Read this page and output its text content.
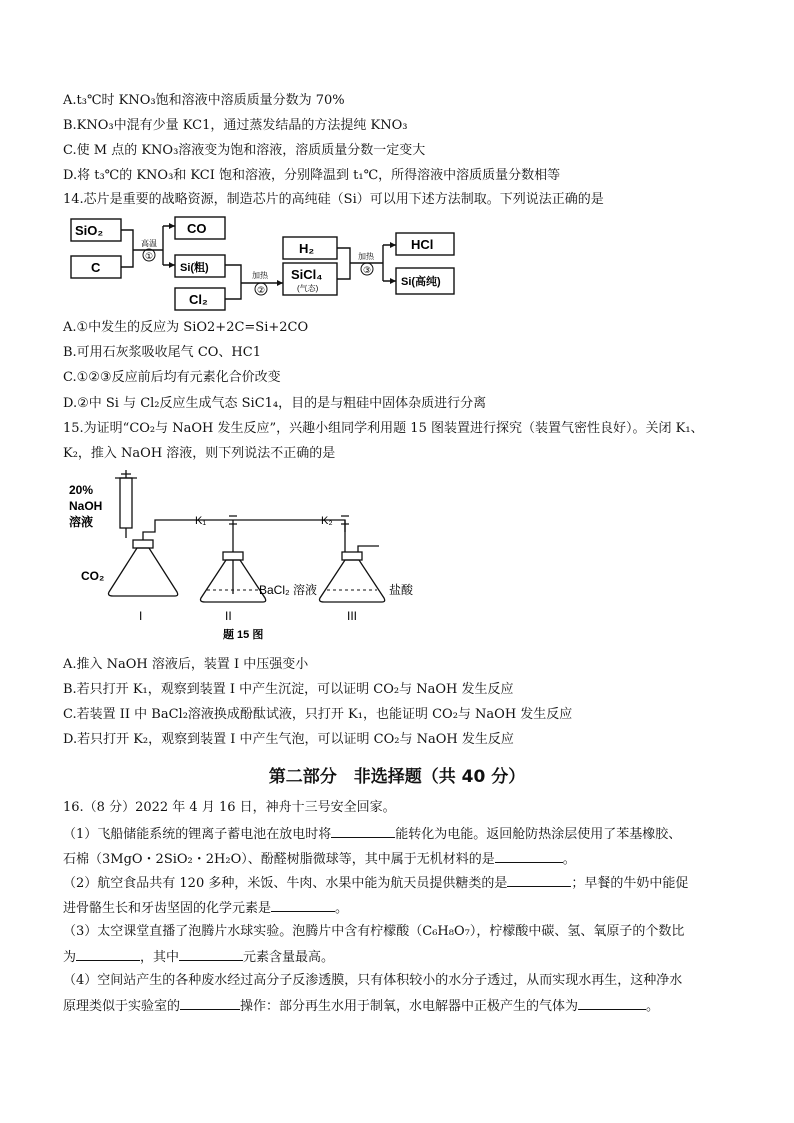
A.t₃℃时 KNO₃饱和溶液中溶质质量分数为 70%
B.KNO₃中混有少量 KC1，通过蒸发结晶的方法提纯 KNO₃
C.使 M 点的 KNO₃溶液变为饱和溶液，溶质质量分数一定变大
D.将 t₃℃的 KNO₃和 KCI 饱和溶液，分别降温到 t₁℃，所得溶液中溶质质量分数相等
14.芯片是重要的战略资源，制造芯片的高纯硅（Si）可以用下述方法制取。下列说法正确的是
SiO₂
C
CO
Si(粗)
Cl₂
H₂
SiCl₄
(气态)
HCl
Si(高纯)
高温
①
加热
②
加热
③
A.①中发生的反应为 SiO2+2C=Si+2CO
B.可用石灰浆吸收尾气 CO、HC1
C.①②③反应前后均有元素化合价改变
D.②中 Si 与 Cl₂反应生成气态 SiC1₄，目的是与粗硅中固体杂质进行分离
15.为证明“CO₂与 NaOH 发生反应”，兴趣小组同学利用题 15 图装置进行探究（装置气密性良好）。关闭 K₁、
K₂，推入 NaOH 溶液，则下列说法不正确的是
20%
NaOH
溶液
CO₂
K₁	K₂
BaCl₂ 溶液	盐酸
I	II	III
题 15 图
A.推入 NaOH 溶液后，装置 I 中压强变小
B.若只打开 K₁，观察到装置 I 中产生沉淀，可以证明 CO₂与 NaOH 发生反应
C.若装置 II 中 BaCl₂溶液换成酚酞试液，只打开 K₁，也能证明 CO₂与 NaOH 发生反应
D.若只打开 K₂，观察到装置 I 中产生气泡，可以证明 CO₂与 NaOH 发生反应
第二部分　非选择题（共 40 分）
16.（8 分）2022 年 4 月 16 日，神舟十三号安全回家。
（1）飞船储能系统的锂离子蓄电池在放电时将	能转化为电能。返回舱防热涂层使用了苯基橡胶、
石棉（3MgO・2SiO₂・2H₂O）、酚醛树脂微球等，其中属于无机材料的是	。
（2）航空食品共有 120 多种，米饭、牛肉、水果中能为航天员提供糖类的是	；早餐的牛奶中能促
进骨骼生长和牙齿坚固的化学元素是	。
（3）太空课堂直播了泡腾片水球实验。泡腾片中含有柠檬酸（C₆H₈O₇），柠檬酸中碳、氢、氧原子的个数比
为	，其中	元素含量最高。
（4）空间站产生的各种废水经过高分子反渗透膜，只有体积较小的水分子透过，从而实现水再生，这种净水
原理类似于实验室的	操作：部分再生水用于制氧，水电解器中正极产生的气体为	。
